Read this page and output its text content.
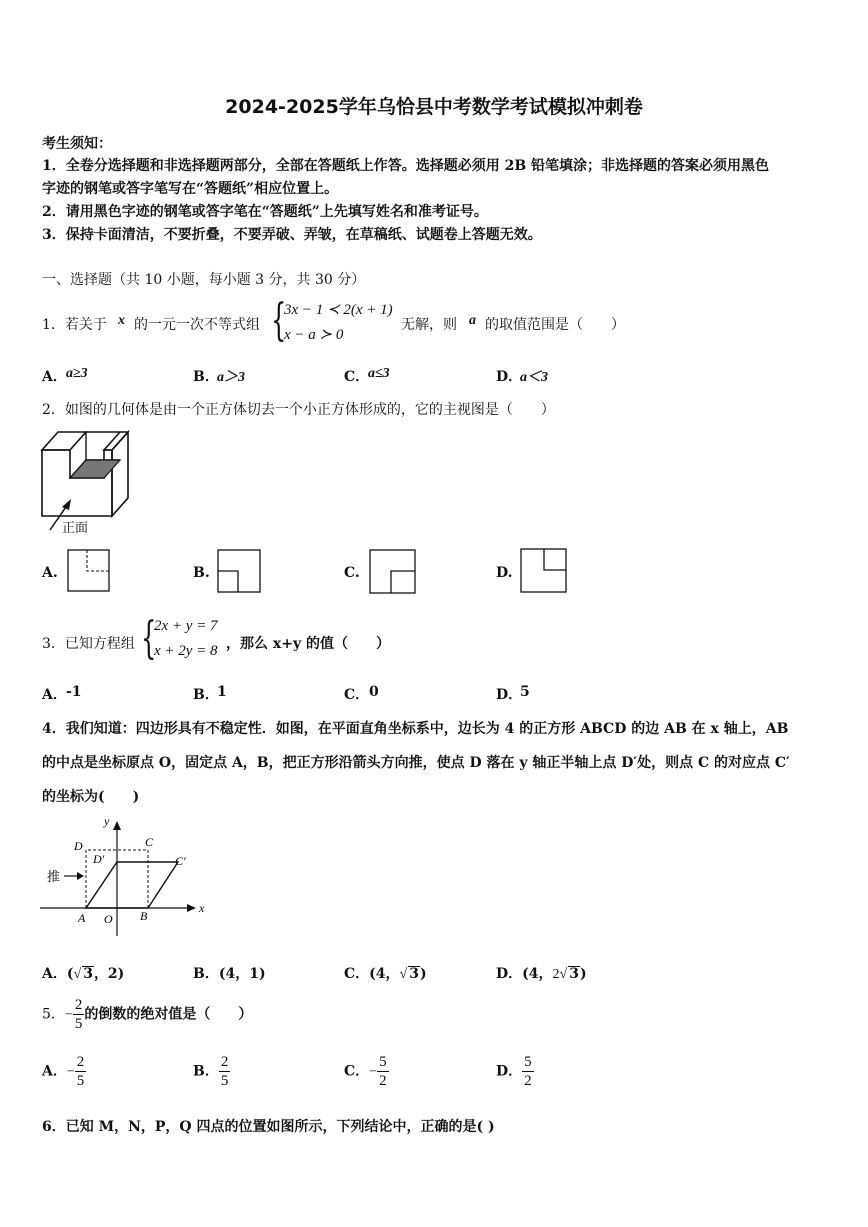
2024-2025学年乌恰县中考数学考试模拟冲刺卷
考生须知：
1．全卷分选择题和非选择题两部分，全部在答题纸上作答。选择题必须用 2B 铅笔填涂；非选择题的答案必须用黑色
字迹的钢笔或答字笔写在“答题纸”相应位置上。
2．请用黑色字迹的钢笔或答字笔在“答题纸”上先填写姓名和准考证号。
3．保持卡面清洁，不要折叠，不要弄破、弄皱，在草稿纸、试题卷上答题无效。
一、选择题（共 10 小题，每小题 3 分，共 30 分）
1．若关于 x 的一元一次不等式组 {
3x − 1 ≺ 2(x + 1)
x − a ≻ 0
无解，则 a 的取值范围是（　　）
A． a≥3	B．
a＞3	C．
a≤3	D．
a＜3
2．如图的几何体是由一个正方体切去一个小正方体形成的，它的主视图是（　　）
正面
A.	B.	C.	D.
3．已知方程组 {
2x + y = 7
x + 2y = 8 ，那么 x+y 的值（　　）
A． -1	B．
1	C． 0	D．
5
4．我们知道：四边形具有不稳定性．如图，在平面直角坐标系中，边长为 4 的正方形 ABCD 的边 AB 在 x 轴上，AB
的中点是坐标原点 O，固定点 A，B，把正方形沿箭头方向推，使点 D 落在 y 轴正半轴上点 D′处，则点 C 的对应点 C′
的坐标为(　　)
y
x
D	C
D′	C′
A O B
推
A．(√ 3，2)	B．(4，1)	C．(4，√ 3)	D．(4，2√ 3)
5．− $\frac{2}{5}$ 的倒数的绝对值是（　　）
A．− $\frac{2}{5}$	B． $\frac{2}{5}$	C．− $\frac{5}{2}$	D． $\frac{5}{2}$
6．已知 M，N，P，Q 四点的位置如图所示，下列结论中，正确的是( )
